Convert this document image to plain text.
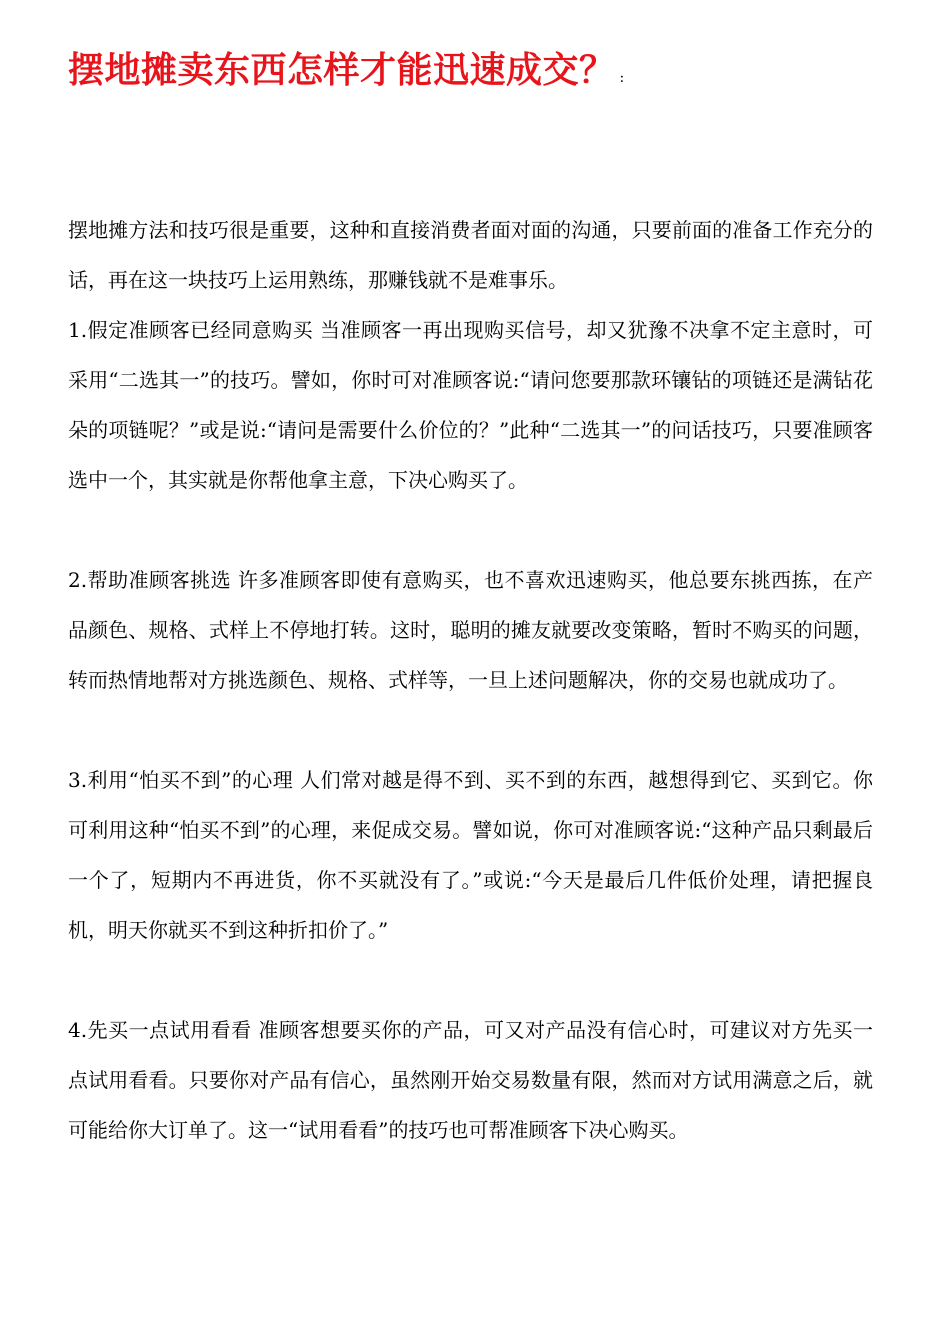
摆地摊卖东西怎样才能迅速成交？ :

摆地摊方法和技巧很是重要，这种和直接消费者面对面的沟通，只要前面的准备工作充分的话，再在这一块技巧上运用熟练，那赚钱就不是难事乐。

1.假定准顾客已经同意购买 当准顾客一再出现购买信号，却又犹豫不决拿不定主意时，可采用“二选其一”的技巧。譬如，你时可对准顾客说:“请问您要那款环镶钻的项链还是满钻花朵的项链呢？”或是说:“请问是需要什么价位的？”此种“二选其一”的问话技巧，只要准顾客选中一个，其实就是你帮他拿主意，下决心购买了。

2.帮助准顾客挑选 许多准顾客即使有意购买，也不喜欢迅速购买，他总要东挑西拣，在产品颜色、规格、式样上不停地打转。这时，聪明的摊友就要改变策略，暂时不购买的问题，转而热情地帮对方挑选颜色、规格、式样等，一旦上述问题解决，你的交易也就成功了。

3.利用“怕买不到”的心理 人们常对越是得不到、买不到的东西，越想得到它、买到它。你可利用这种“怕买不到”的心理，来促成交易。譬如说，你可对准顾客说:“这种产品只剩最后一个了，短期内不再进货，你不买就没有了。”或说:“今天是最后几件低价处理，请把握良机，明天你就买不到这种折扣价了。”

4.先买一点试用看看 准顾客想要买你的产品，可又对产品没有信心时，可建议对方先买一点试用看看。只要你对产品有信心，虽然刚开始交易数量有限，然而对方试用满意之后，就可能给你大订单了。这一“试用看看”的技巧也可帮准顾客下决心购买。
